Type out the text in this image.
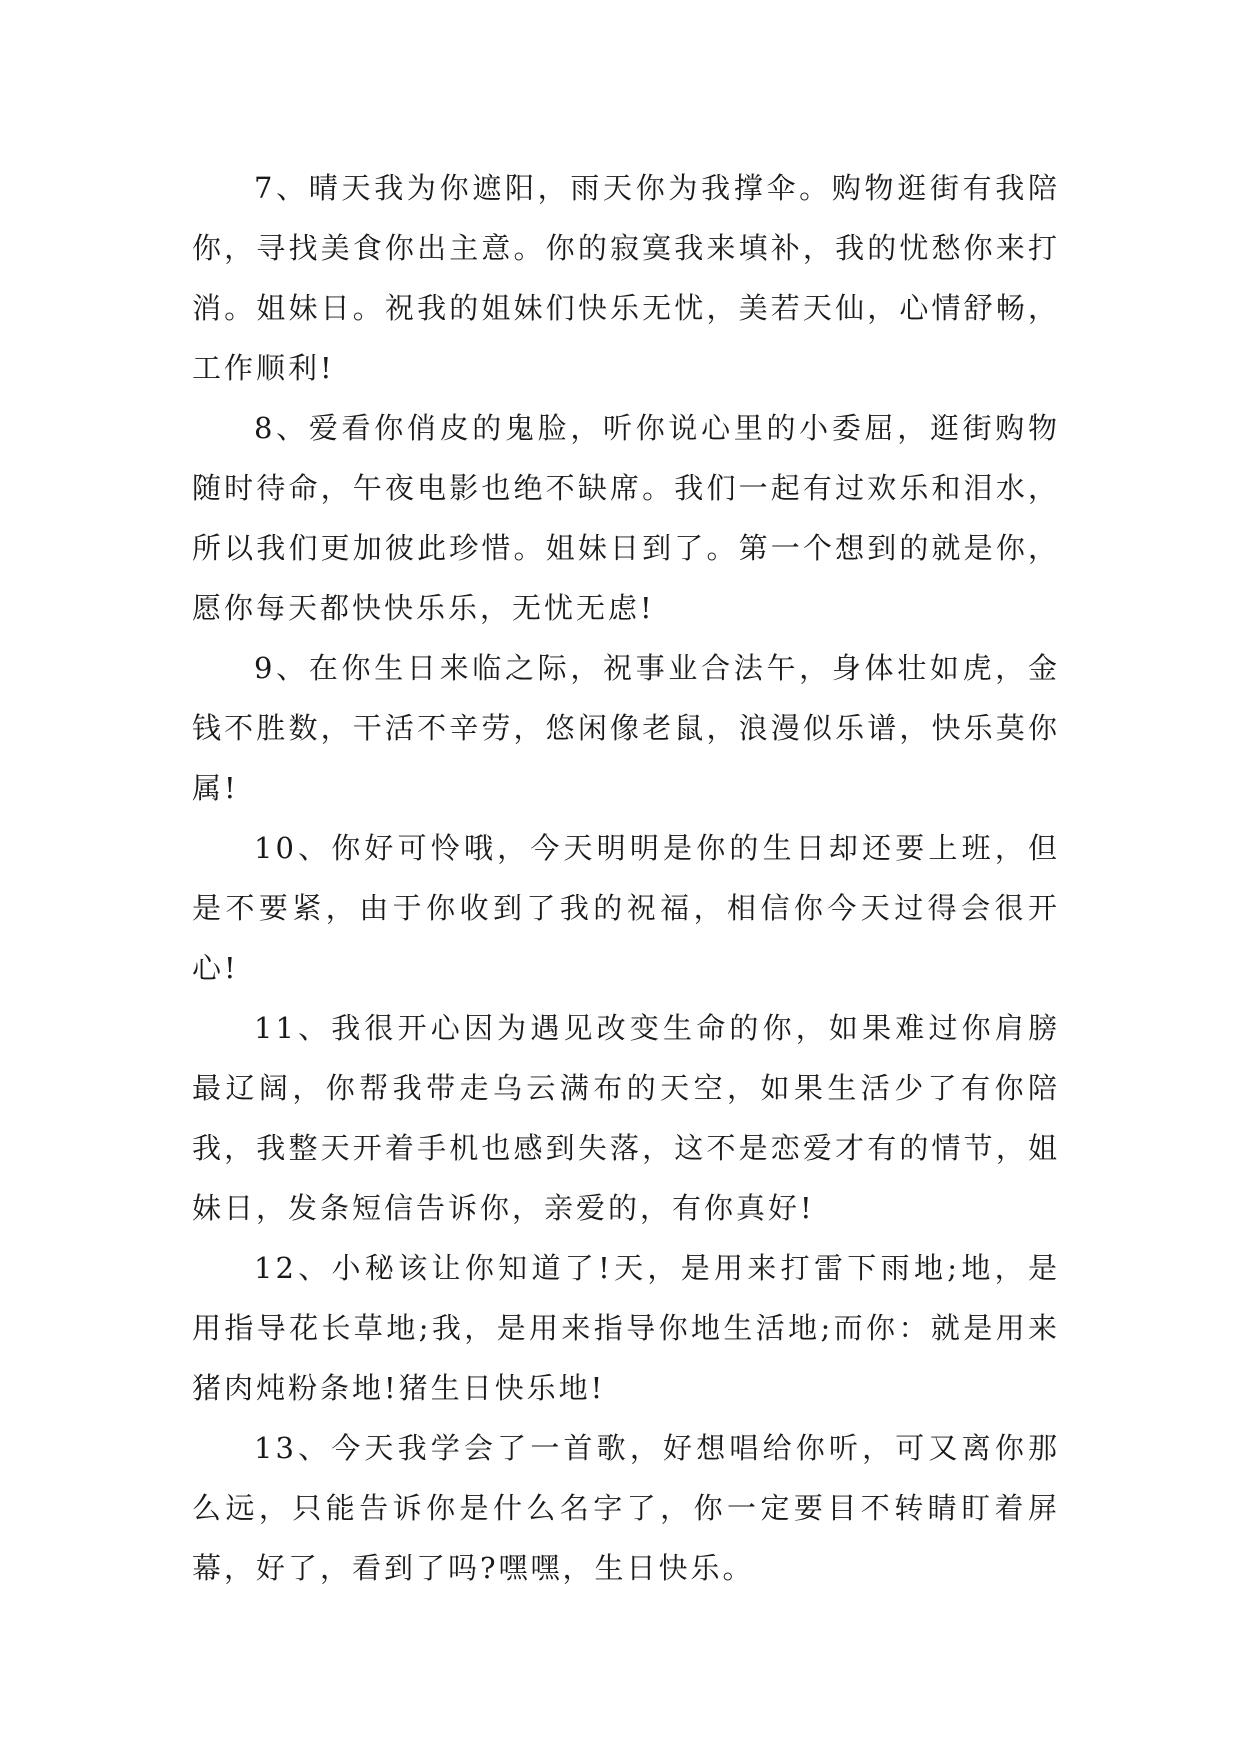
7、晴天我为你遮阳，雨天你为我撑伞。购物逛街有我陪你，寻找美食你出主意。你的寂寞我来填补，我的忧愁你来打消。姐妹日。祝我的姐妹们快乐无忧，美若天仙，心情舒畅，工作顺利!

8、爱看你俏皮的鬼脸，听你说心里的小委屈，逛街购物随时待命，午夜电影也绝不缺席。我们一起有过欢乐和泪水，所以我们更加彼此珍惜。姐妹日到了。第一个想到的就是你，愿你每天都快快乐乐，无忧无虑!

9、在你生日来临之际，祝事业合法午，身体壮如虎，金钱不胜数，干活不辛劳，悠闲像老鼠，浪漫似乐谱，快乐莫你属!

10、你好可怜哦，今天明明是你的生日却还要上班，但是不要紧，由于你收到了我的祝福，相信你今天过得会很开心!

11、我很开心因为遇见改变生命的你，如果难过你肩膀最辽阔，你帮我带走乌云满布的天空，如果生活少了有你陪我，我整天开着手机也感到失落，这不是恋爱才有的情节，姐妹日，发条短信告诉你，亲爱的，有你真好!

12、小秘该让你知道了!天，是用来打雷下雨地;地，是用指导花长草地;我，是用来指导你地生活地;而你：就是用来猪肉炖粉条地!猪生日快乐地!

13、今天我学会了一首歌，好想唱给你听，可又离你那么远，只能告诉你是什么名字了，你一定要目不转睛盯着屏幕，好了，看到了吗?嘿嘿，生日快乐。
